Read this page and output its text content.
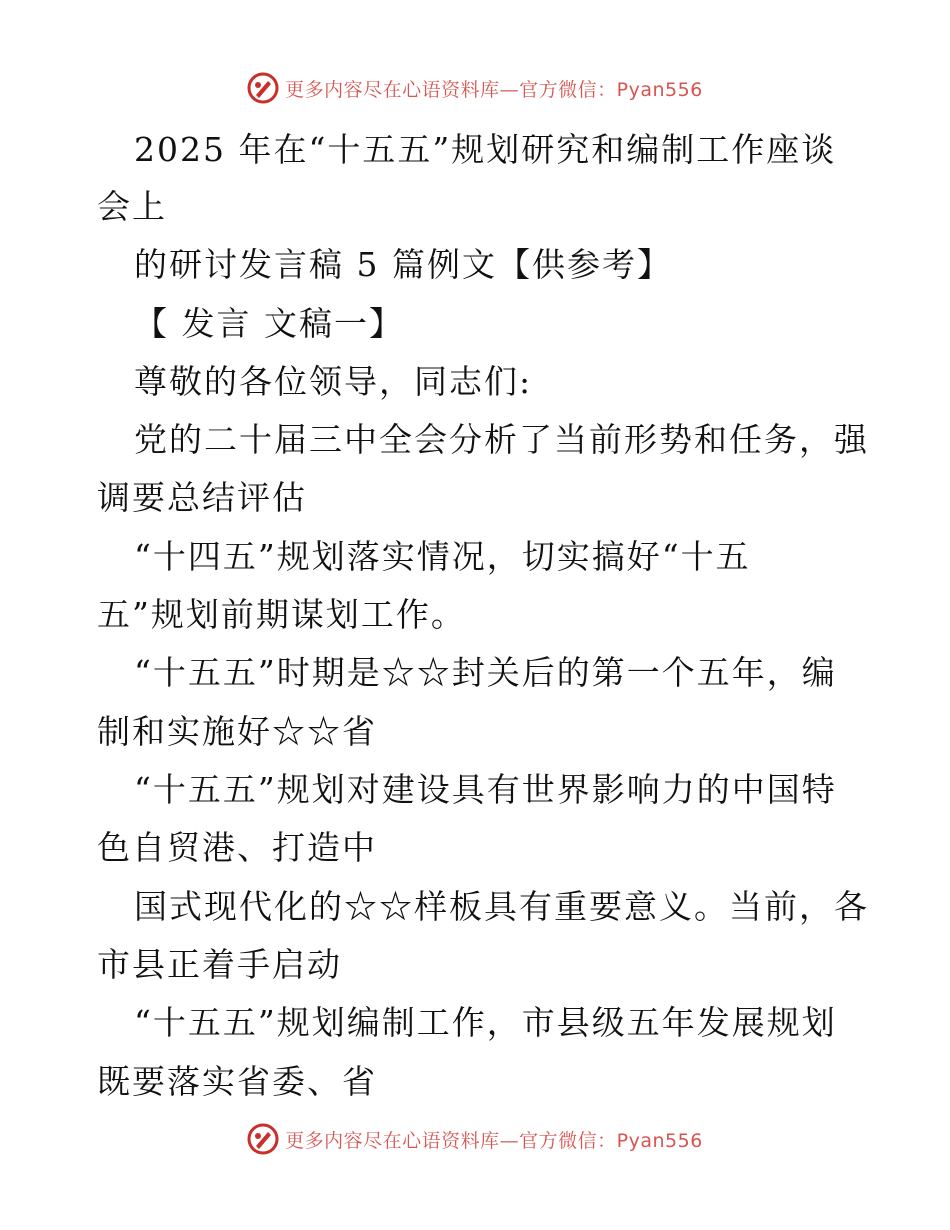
更多内容尽在心语资料库—官方微信：Pyan556
2025 年在“十五五”规划研究和编制工作座谈
会上
的研讨发言稿 5 篇例文【供参考】
【 发言 文稿一】
尊敬的各位领导，同志们:
党的二十届三中全会分析了当前形势和任务，强
调要总结评估
“十四五”规划落实情况，切实搞好“十五
五”规划前期谋划工作。
“十五五”时期是☆☆封关后的第一个五年，编
制和实施好☆☆省
“十五五”规划对建设具有世界影响力的中国特
色自贸港、打造中
国式现代化的☆☆样板具有重要意义。当前，各
市县正着手启动
“十五五”规划编制工作，市县级五年发展规划
既要落实省委、省
更多内容尽在心语资料库—官方微信：Pyan556
